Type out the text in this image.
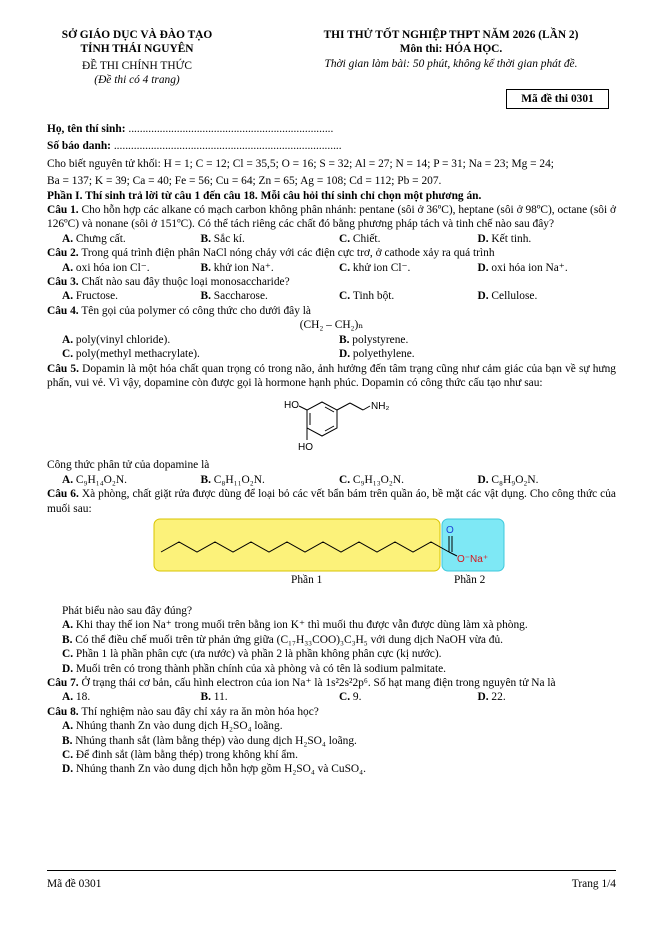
SỞ GIÁO DỤC VÀ ĐÀO TẠO
TỈNH THÁI NGUYÊN
ĐỀ THI CHÍNH THỨC
(Đề thi có 4 trang)
THI THỬ TỐT NGHIỆP THPT NĂM 2026 (LẦN 2)
Môn thi: HÓA HỌC.
Thời gian làm bài: 50 phút, không kể thời gian phát đề.
Mã đề thi 0301
Họ, tên thí sinh: ........................................................................
Số báo danh: ................................................................................
Cho biết nguyên tử khối: H = 1; C = 12; Cl = 35,5; O = 16; S = 32; Al = 27; N = 14; P = 31; Na = 23; Mg = 24;
Ba = 137; K = 39; Ca = 40; Fe = 56; Cu = 64; Zn = 65; Ag = 108; Cd = 112; Pb = 207.
Phần I. Thí sinh trả lời từ câu 1 đến câu 18. Mỗi câu hỏi thí sinh chỉ chọn một phương án.
Câu 1. Cho hỗn hợp các alkane có mạch carbon không phân nhánh: pentane (sôi ở 36ºC), heptane (sôi ở 98ºC), octane (sôi ở 126ºC) và nonane (sôi ở 151ºC). Có thể tách riêng các chất đó bằng phương pháp tách và tinh chế nào sau đây?
A. Chưng cất.	B. Sắc kí.	C. Chiết.	D. Kết tinh.
Câu 2. Trong quá trình điện phân NaCl nóng chảy với các điện cực trơ, ở cathode xảy ra quá trình
A. oxi hóa ion Cl⁻.	B. khử ion Na⁺.	C. khử ion Cl⁻.	D. oxi hóa ion Na⁺.
Câu 3. Chất nào sau đây thuộc loại monosaccharide?
A. Fructose.	B. Saccharose.	C. Tinh bột.	D. Cellulose.
Câu 4. Tên gọi của polymer có công thức cho dưới đây là
(CH₂ – CH₂)ₙ
A. poly(vinyl chloride).	B. polystyrene.
C. poly(methyl methacrylate).	D. polyethylene.
Câu 5. Dopamin là một hóa chất quan trọng có trong não, ảnh hưởng đến tâm trạng cũng như cảm giác của bạn về sự hưng phấn, vui vẻ. Vì vậy, dopamine còn được gọi là hormone hạnh phúc. Dopamin có công thức cấu tạo như sau:
HO
HO
NH₂
Công thức phân tử của dopamine là
A. C₉H₁₄O₂N.	B. C₈H₁₁O₂N.	C. C₉H₁₃O₂N.	D. C₈H₉O₂N.
Câu 6. Xà phòng, chất giặt rửa được dùng để loại bỏ các vết bẩn bám trên quần áo, bề mặt các vật dụng. Cho công thức của muối sau:
O
O⁻Na⁺
Phần 1	Phần 2
Phát biểu nào sau đây đúng?
A. Khi thay thế ion Na⁺ trong muối trên bằng ion K⁺ thì muối thu được vẫn được dùng làm xà phòng.
B. Có thể điều chế muối trên từ phản ứng giữa (C₁₇H₃₃COO)₃C₃H₅ với dung dịch NaOH vừa đủ.
C. Phần 1 là phần phân cực (ưa nước) và phần 2 là phần không phân cực (kị nước).
D. Muối trên có trong thành phần chính của xà phòng và có tên là sodium palmitate.
Câu 7. Ở trạng thái cơ bản, cấu hình electron của ion Na⁺ là 1s²2s²2p⁶. Số hạt mang điện trong nguyên tử Na là
A. 18.	B. 11.	C. 9.	D. 22.
Câu 8. Thí nghiệm nào sau đây chỉ xảy ra ăn mòn hóa học?
A. Nhúng thanh Zn vào dung dịch H₂SO₄ loãng.
B. Nhúng thanh sắt (làm bằng thép) vào dung dịch H₂SO₄ loãng.
C. Để đinh sắt (làm bằng thép) trong không khí ẩm.
D. Nhúng thanh Zn vào dung dịch hỗn hợp gồm H₂SO₄ và CuSO₄.
Mã đề 0301	Trang 1/4
